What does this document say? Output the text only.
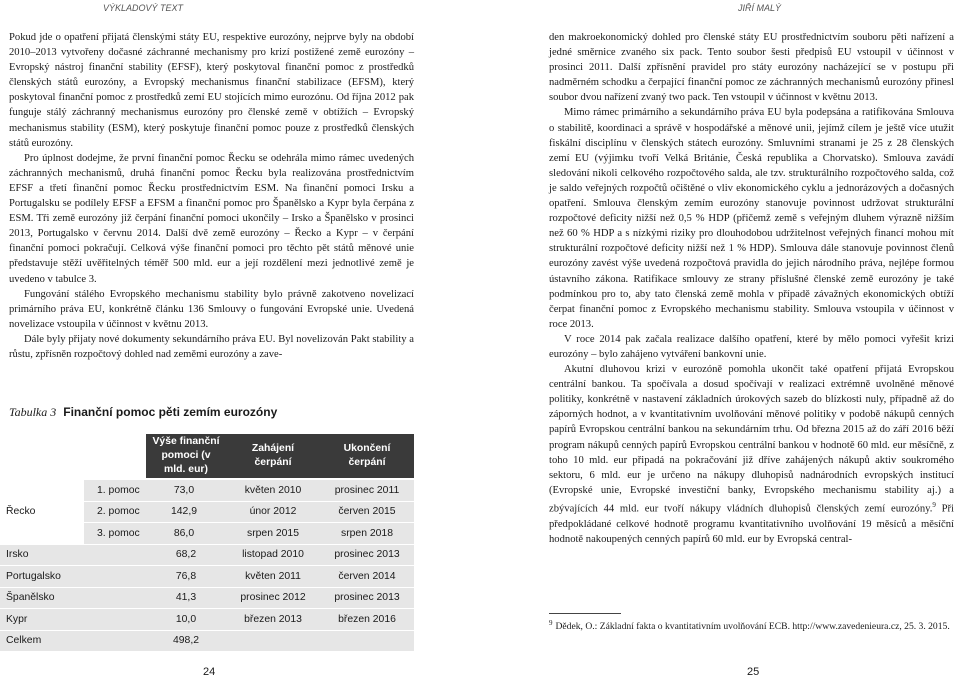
VÝKLADOVÝ TEXT	JIŘÍ MALÝ

Pokud jde o opatření přijatá členskými státy EU, respektive eurozóny, nejprve byly na období 2010–2013 vytvořeny dočasné záchranné mechanismy pro krizí postižené země eurozóny – Evropský nástroj finanční stability (EFSF), který poskytoval finanční pomoc z prostředků členských států eurozóny, a Evropský mechanismus finanční stabilizace (EFSM), který poskytoval finanční pomoc z prostředků zemí EU stojících mimo eurozónu. Od října 2012 pak funguje stálý záchranný mechanismus eurozóny pro členské země v obtížích – Evropský mechanismus stability (ESM), který poskytuje finanční pomoc pouze z prostředků členských států eurozóny.

Pro úplnost dodejme, že první finanční pomoc Řecku se odehrála mimo rámec uvedených záchranných mechanismů, druhá finanční pomoc Řecku byla realizována prostřednictvím EFSF a třetí finanční pomoc Řecku prostřednictvím ESM. Na finanční pomoci Irsku a Portugalsku se podílely EFSF a EFSM a finanční pomoc pro Španělsko a Kypr byla čerpána z ESM. Tři země eurozóny již čerpání finanční pomoci ukončily – Irsko a Španělsko v prosinci 2013, Portugalsko v červnu 2014. Další dvě země eurozóny – Řecko a Kypr – v čerpání finanční pomoci pokračují. Celková výše finanční pomoci pro těchto pět států měnové unie představuje stěží uvěřitelných téměř 500 mld. eur a její rozdělení mezi jednotlivé země je uvedeno v tabulce 3.

Fungování stálého Evropského mechanismu stability bylo právně zakotveno novelizací primárního práva EU, konkrétně článku 136 Smlouvy o fungování Evropské unie. Uvedená novelizace vstoupila v účinnost v květnu 2013.

Dále byly přijaty nové dokumenty sekundárního práva EU. Byl novelizován Pakt stability a růstu, zpřísněn rozpočtový dohled nad zeměmi eurozóny a zave-

Tabulka 3 Finanční pomoc pěti zemím eurozóny
		Výše finanční pomoci (v mld. eur)	Zahájení čerpání	Ukončení čerpání
Řecko	1. pomoc	73,0	květen 2010	prosinec 2011
	2. pomoc	142,9	únor 2012	červen 2015
	3. pomoc	86,0	srpen 2015	srpen 2018
Irsko		68,2	listopad 2010	prosinec 2013
Portugalsko		76,8	květen 2011	červen 2014
Španělsko		41,3	prosinec 2012	prosinec 2013
Kypr		10,0	březen 2013	březen 2016
Celkem		498,2		

den makroekonomický dohled pro členské státy EU prostřednictvím souboru pěti nařízení a jedné směrnice zvaného six pack. Tento soubor šesti předpisů EU vstoupil v účinnost v prosinci 2011. Další zpřísnění pravidel pro státy eurozóny nacházející se v postupu při nadměrném schodku a čerpající finanční pomoc ze záchranných mechanismů eurozóny přinesl soubor dvou nařízení zvaný two pack. Ten vstoupil v účinnost v květnu 2013.

Mimo rámec primárního a sekundárního práva EU byla podepsána a ratifikována Smlouva o stabilitě, koordinaci a správě v hospodářské a měnové unii, jejímž cílem je ještě více utužit fiskální disciplínu v členských státech eurozóny. Smluvními stranami je 25 z 28 členských zemí EU (výjimku tvoří Velká Británie, Česká republika a Chorvatsko). Smlouva zavádí sledování nikoli celkového rozpočtového salda, ale tzv. strukturálního rozpočtového salda, což je saldo veřejných rozpočtů očištěné o vliv ekonomického cyklu a jednorázových a dočasných opatření. Smlouva členským zemím eurozóny stanovuje povinnost udržovat strukturální rozpočtové deficity nižší než 0,5 % HDP (přičemž země s veřejným dluhem výrazně nižším než 60 % HDP a s nízkými riziky pro dlouhodobou udržitelnost veřejných financí mohou mít strukturální rozpočtové deficity nižší než 1 % HDP). Smlouva dále stanovuje povinnost členů eurozóny zavést výše uvedená rozpočtová pravidla do jejich národního práva, nejlépe formou ústavního zákona. Ratifikace smlouvy ze strany příslušné členské země eurozóny je také podmínkou pro to, aby tato členská země mohla v případě závažných ekonomických obtíží čerpat finanční pomoc z Evropského mechanismu stability. Smlouva vstoupila v účinnost v roce 2013.

V roce 2014 pak začala realizace dalšího opatření, které by mělo pomoci vyřešit krizi eurozóny – bylo zahájeno vytváření bankovní unie.

Akutní dluhovou krizi v eurozóně pomohla ukončit také opatření přijatá Evropskou centrální bankou. Ta spočívala a dosud spočívají v realizaci extrémně uvolněné měnové politiky, konkrétně v nastavení základních úrokových sazeb do blízkosti nuly, případně až do záporných hodnot, a v kvantitativním uvolňování měnové politiky v podobě nákupů cenných papírů Evropskou centrální bankou na sekundárním trhu. Od března 2015 až do září 2016 běží program nákupů cenných papírů Evropskou centrální bankou v hodnotě 60 mld. eur měsíčně, z toho 10 mld. eur připadá na pokračování již dříve zahájených nákupů aktiv soukromého sektoru, 6 mld. eur je určeno na nákupy dluhopisů nadnárodních evropských institucí (Evropské unie, Evropské investiční banky, Evropského mechanismu stability aj.) a zbývajících 44 mld. eur tvoří nákupy vládních dluhopisů členských zemí eurozóny.$^9$ Při předpokládané celkové hodnotě programu kvantitativního uvolňování 19 měsíců a měsíční hodnotě nakoupených cenných papírů 60 mld. eur by Evropská central-

$^9$ Dědek, O.: Základní fakta o kvantitativním uvolňování ECB. http://www.zavedenieura.cz, 25. 3. 2015.
24	25
